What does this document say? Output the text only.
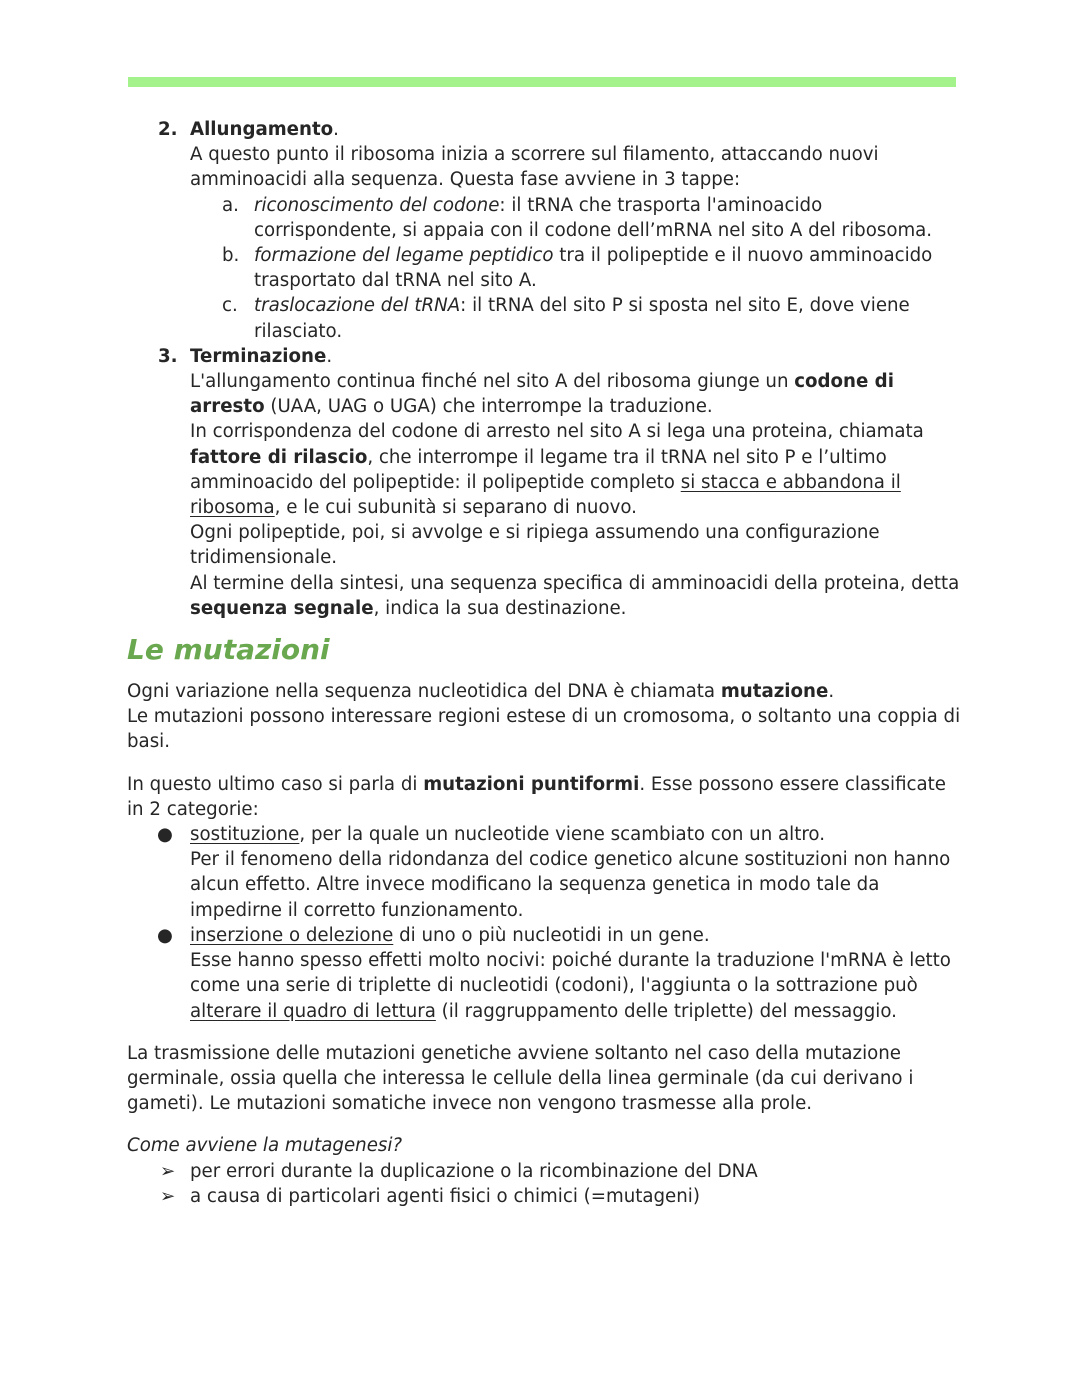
2. Allungamento.

A questo punto il ribosoma inizia a scorrere sul filamento, attaccando nuovi amminoacidi alla sequenza. Questa fase avviene in 3 tappe:

a. riconoscimento del codone: il tRNA che trasporta l'aminoacido corrispondente, si appaia con il codone dell’mRNA nel sito A del ribosoma.

b. formazione del legame peptidico tra il polipeptide e il nuovo amminoacido trasportato dal tRNA nel sito A.

c. traslocazione del tRNA: il tRNA del sito P si sposta nel sito E, dove viene rilasciato.

3. Terminazione.

L'allungamento continua finché nel sito A del ribosoma giunge un codone di arresto (UAA, UAG o UGA) che interrompe la traduzione.

In corrispondenza del codone di arresto nel sito A si lega una proteina, chiamata fattore di rilascio, che interrompe il legame tra il tRNA nel sito P e l’ultimo amminoacido del polipeptide: il polipeptide completo si stacca e abbandona il ribosoma, e le cui subunità si separano di nuovo.

Ogni polipeptide, poi, si avvolge e si ripiega assumendo una configurazione tridimensionale.

Al termine della sintesi, una sequenza specifica di amminoacidi della proteina, detta sequenza segnale, indica la sua destinazione.

Le mutazioni

Ogni variazione nella sequenza nucleotidica del DNA è chiamata mutazione.

Le mutazioni possono interessare regioni estese di un cromosoma, o soltanto una coppia di basi.

In questo ultimo caso si parla di mutazioni puntiformi. Esse possono essere classificate in 2 categorie:

● sostituzione, per la quale un nucleotide viene scambiato con un altro.

Per il fenomeno della ridondanza del codice genetico alcune sostituzioni non hanno alcun effetto. Altre invece modificano la sequenza genetica in modo tale da impedirne il corretto funzionamento.

● inserzione o delezione di uno o più nucleotidi in un gene.

Esse hanno spesso effetti molto nocivi: poiché durante la traduzione l'mRNA è letto come una serie di triplette di nucleotidi (codoni), l'aggiunta o la sottrazione può alterare il quadro di lettura (il raggruppamento delle triplette) del messaggio.

La trasmissione delle mutazioni genetiche avviene soltanto nel caso della mutazione germinale, ossia quella che interessa le cellule della linea germinale (da cui derivano i gameti). Le mutazioni somatiche invece non vengono trasmesse alla prole.

Come avviene la mutagenesi?

➢ per errori durante la duplicazione o la ricombinazione del DNA

➢ a causa di particolari agenti fisici o chimici (=mutageni)
